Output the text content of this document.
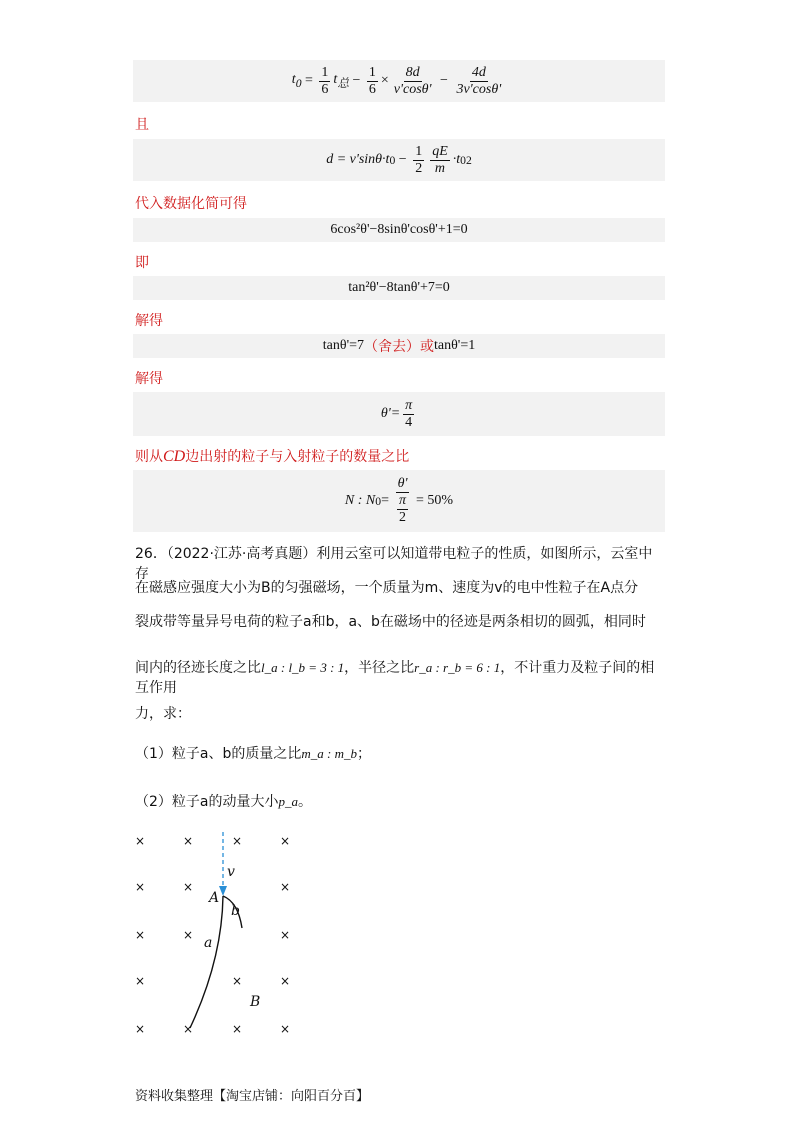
$t_0 = \frac{1}{6} t_总 - \frac{1}{6} \times \frac{8d}{v'\cos\theta'} - \frac{4d}{3v'\cos\theta'}$
且
d = v'sinθ·t $0 - \frac{1}{2} \frac{qE}{m} \cdot t$ 0 2
代入数据化简可得
6cos²θ'−8sinθ'cosθ'+1=0
即
tan²θ'−8tanθ'+7=0
解得
tanθ'=7 （舍去）或 tanθ'=1
解得
$\theta'= \frac{\pi}{4}$
则从CD边出射的粒子与入射粒子的数量之比
N : N $0 = \frac{\theta'}{\frac{\pi}{2}} = 50\%$
26．（2022·江苏·高考真题）利用云室可以知道带电粒子的性质，如图所示，云室中存
在磁感应强度大小为B的匀强磁场，一个质量为m、速度为v的电中性粒子在A点分
裂成带等量异号电荷的粒子a和b，a、b在磁场中的径迹是两条相切的圆弧，相同时
间内的径迹长度之比l_a : l_b = 3 : 1，半径之比r_a : r_b = 6 : 1，不计重力及粒子间的相互作用
力，求：
（1）粒子a、b的质量之比m_a : m_b；
（2）粒子a的动量大小p_a。
×	×	×	×
×	×	×
×	×	×
×	×	×
×	×	×	×
v
A
b
a
B
资料收集整理【淘宝店铺：向阳百分百】
